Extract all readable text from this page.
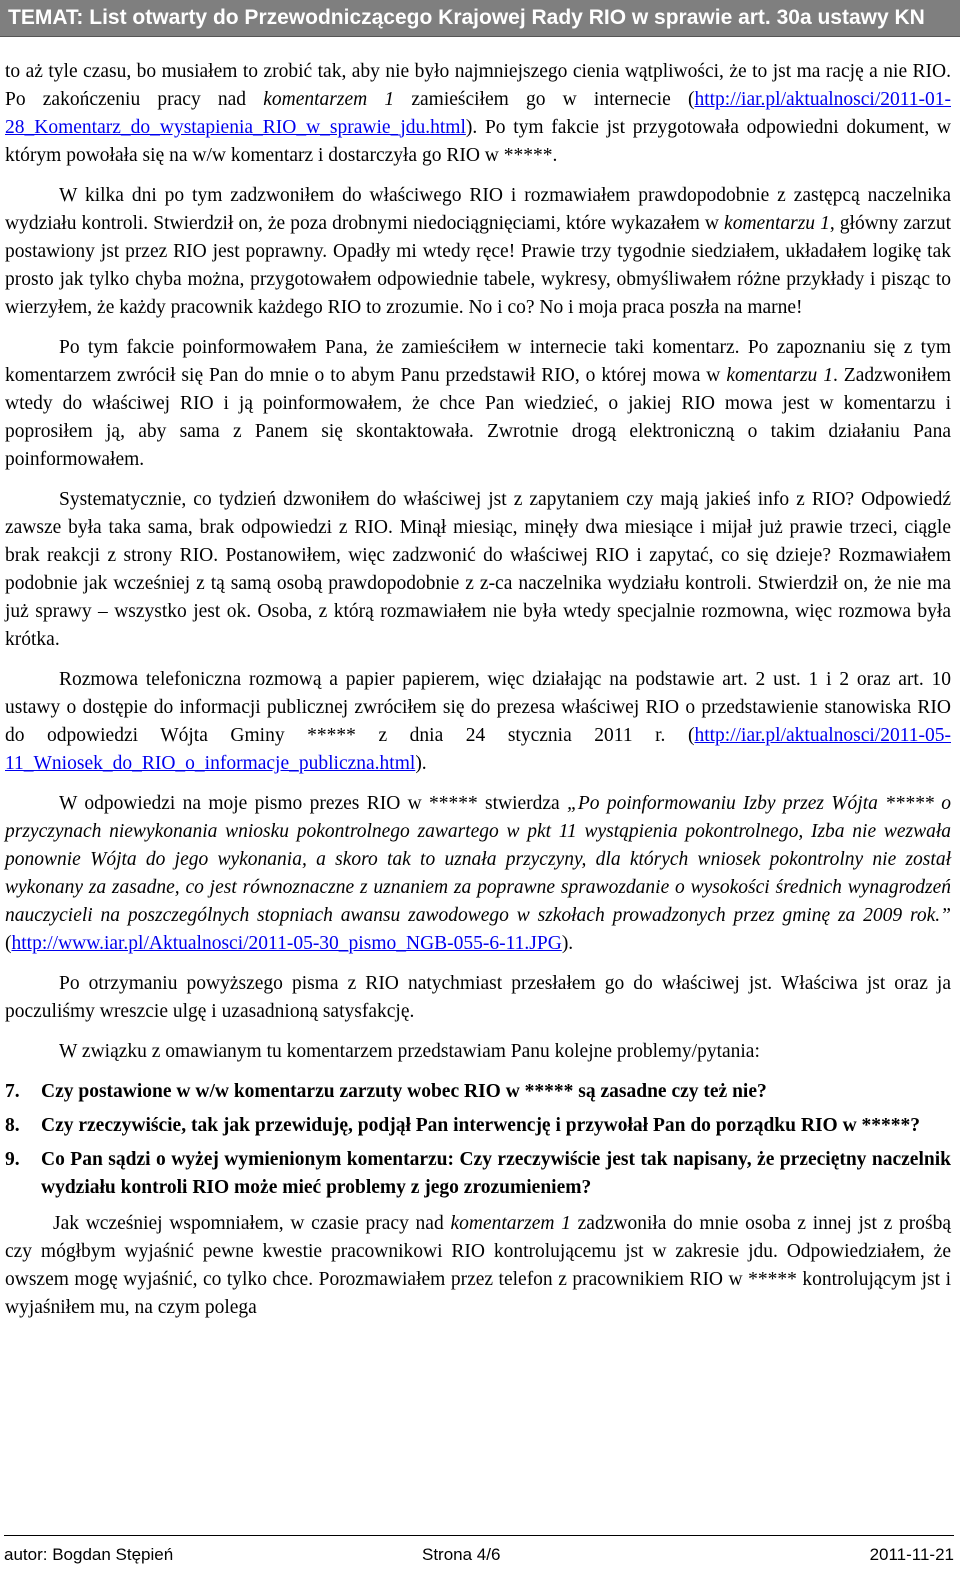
TEMAT: List otwarty do Przewodniczącego Krajowej Rady RIO w sprawie art. 30a ustawy KN

to aż tyle czasu, bo musiałem to zrobić tak, aby nie było najmniejszego cienia wątpliwości, że to jst ma rację a nie RIO. Po zakończeniu pracy nad komentarzem 1 zamieściłem go w internecie (http://iar.pl/aktualnosci/2011-01-28_Komentarz_do_wystapienia_RIO_w_sprawie_jdu.html). Po tym fakcie jst przygotowała odpowiedni dokument, w którym powołała się na w/w komentarz i dostarczyła go RIO w *****.

W kilka dni po tym zadzwoniłem do właściwego RIO i rozmawiałem prawdopodobnie z zastępcą naczelnika wydziału kontroli. Stwierdził on, że poza drobnymi niedociągnięciami, które wykazałem w komentarzu 1, główny zarzut postawiony jst przez RIO jest poprawny. Opadły mi wtedy ręce! Prawie trzy tygodnie siedziałem, układałem logikę tak prosto jak tylko chyba można, przygotowałem odpowiednie tabele, wykresy, obmyśliwałem różne przykłady i pisząc to wierzyłem, że każdy pracownik każdego RIO to zrozumie. No i co? No i moja praca poszła na marne!

Po tym fakcie poinformowałem Pana, że zamieściłem w internecie taki komentarz. Po zapoznaniu się z tym komentarzem zwrócił się Pan do mnie o to abym Panu przedstawił RIO, o której mowa w komentarzu 1. Zadzwoniłem wtedy do właściwej RIO i ją poinformowałem, że chce Pan wiedzieć, o jakiej RIO mowa jest w komentarzu i poprosiłem ją, aby sama z Panem się skontaktowała. Zwrotnie drogą elektroniczną o takim działaniu Pana poinformowałem.

Systematycznie, co tydzień dzwoniłem do właściwej jst z zapytaniem czy mają jakieś info z RIO? Odpowiedź zawsze była taka sama, brak odpowiedzi z RIO. Minął miesiąc, minęły dwa miesiące i mijał już prawie trzeci, ciągle brak reakcji z strony RIO. Postanowiłem, więc zadzwonić do właściwej RIO i zapytać, co się dzieje? Rozmawiałem podobnie jak wcześniej z tą samą osobą prawdopodobnie z z-ca naczelnika wydziału kontroli. Stwierdził on, że nie ma już sprawy – wszystko jest ok. Osoba, z którą rozmawiałem nie była wtedy specjalnie rozmowna, więc rozmowa była krótka.

Rozmowa telefoniczna rozmową a papier papierem, więc działając na podstawie art. 2 ust. 1 i 2 oraz art. 10 ustawy o dostępie do informacji publicznej zwróciłem się do prezesa właściwej RIO o przedstawienie stanowiska RIO do odpowiedzi Wójta Gminy ***** z dnia 24 stycznia 2011 r. (http://iar.pl/aktualnosci/2011-05-11_Wniosek_do_RIO_o_informacje_publiczna.html).

W odpowiedzi na moje pismo prezes RIO w ***** stwierdza „Po poinformowaniu Izby przez Wójta ***** o przyczynach niewykonania wniosku pokontrolnego zawartego w pkt 11 wystąpienia pokontrolnego, Izba nie wezwała ponownie Wójta do jego wykonania, a skoro tak to uznała przyczyny, dla których wniosek pokontrolny nie został wykonany za zasadne, co jest równoznaczne z uznaniem za poprawne sprawozdanie o wysokości średnich wynagrodzeń nauczycieli na poszczególnych stopniach awansu zawodowego w szkołach prowadzonych przez gminę za 2009 rok.” (http://www.iar.pl/Aktualnosci/2011-05-30_pismo_NGB-055-6-11.JPG).

Po otrzymaniu powyższego pisma z RIO natychmiast przesłałem go do właściwej jst. Właściwa jst oraz ja poczuliśmy wreszcie ulgę i uzasadnioną satysfakcję.

W związku z omawianym tu komentarzem przedstawiam Panu kolejne problemy/pytania:

7. Czy postawione w w/w komentarzu zarzuty wobec RIO w ***** są zasadne czy też nie?
8. Czy rzeczywiście, tak jak przewiduję, podjął Pan interwencję i przywołał Pan do porządku RIO w *****?
9. Co Pan sądzi o wyżej wymienionym komentarzu: Czy rzeczywiście jest tak napisany, że przeciętny naczelnik wydziału kontroli RIO może mieć problemy z jego zrozumieniem?

Jak wcześniej wspomniałem, w czasie pracy nad komentarzem 1 zadzwoniła do mnie osoba z innej jst z prośbą czy mógłbym wyjaśnić pewne kwestie pracownikowi RIO kontrolującemu jst w zakresie jdu. Odpowiedziałem, że owszem mogę wyjaśnić, co tylko chce. Porozmawiałem przez telefon z pracownikiem RIO w ***** kontrolującym jst i wyjaśniłem mu, na czym polega

autor: Bogdan Stępień	Strona 4/6	2011-11-21
